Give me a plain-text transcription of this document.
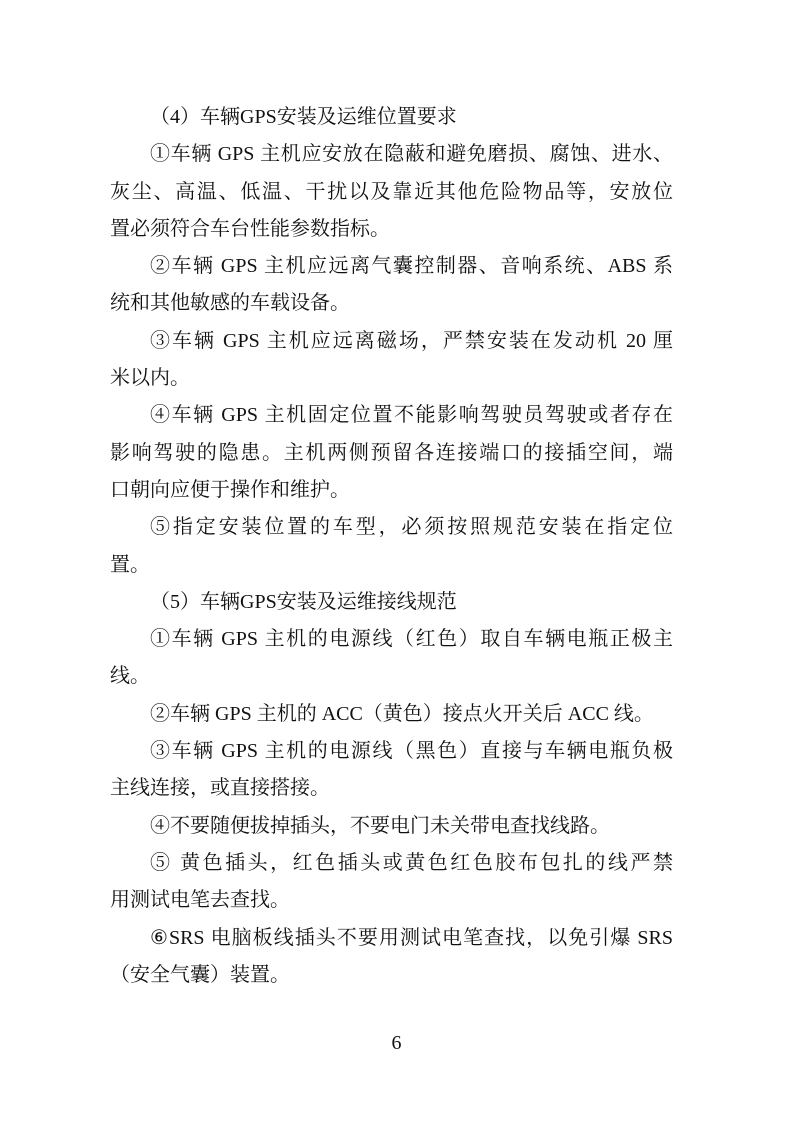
（4）车辆GPS安装及运维位置要求
①车辆 GPS 主机应安放在隐蔽和避免磨损、腐蚀、进水、
灰尘、高温、低温、干扰以及靠近其他危险物品等，安放位
置必须符合车台性能参数指标。
②车辆 GPS 主机应远离气囊控制器、音响系统、ABS 系
统和其他敏感的车载设备。
③车辆 GPS 主机应远离磁场，严禁安装在发动机 20 厘
米以内。
④车辆 GPS 主机固定位置不能影响驾驶员驾驶或者存在
影响驾驶的隐患。主机两侧预留各连接端口的接插空间，端
口朝向应便于操作和维护。
⑤指定安装位置的车型，必须按照规范安装在指定位
置。
（5）车辆GPS安装及运维接线规范
①车辆 GPS 主机的电源线（红色）取自车辆电瓶正极主
线。
②车辆 GPS 主机的 ACC（黄色）接点火开关后 ACC 线。
③车辆 GPS 主机的电源线（黑色）直接与车辆电瓶负极
主线连接，或直接搭接。
④不要随便拔掉插头，不要电门未关带电查找线路。
⑤ 黄色插头，红色插头或黄色红色胶布包扎的线严禁
用测试电笔去查找。
⑥SRS 电脑板线插头不要用测试电笔查找，以免引爆 SRS
（安全气囊）装置。
6
